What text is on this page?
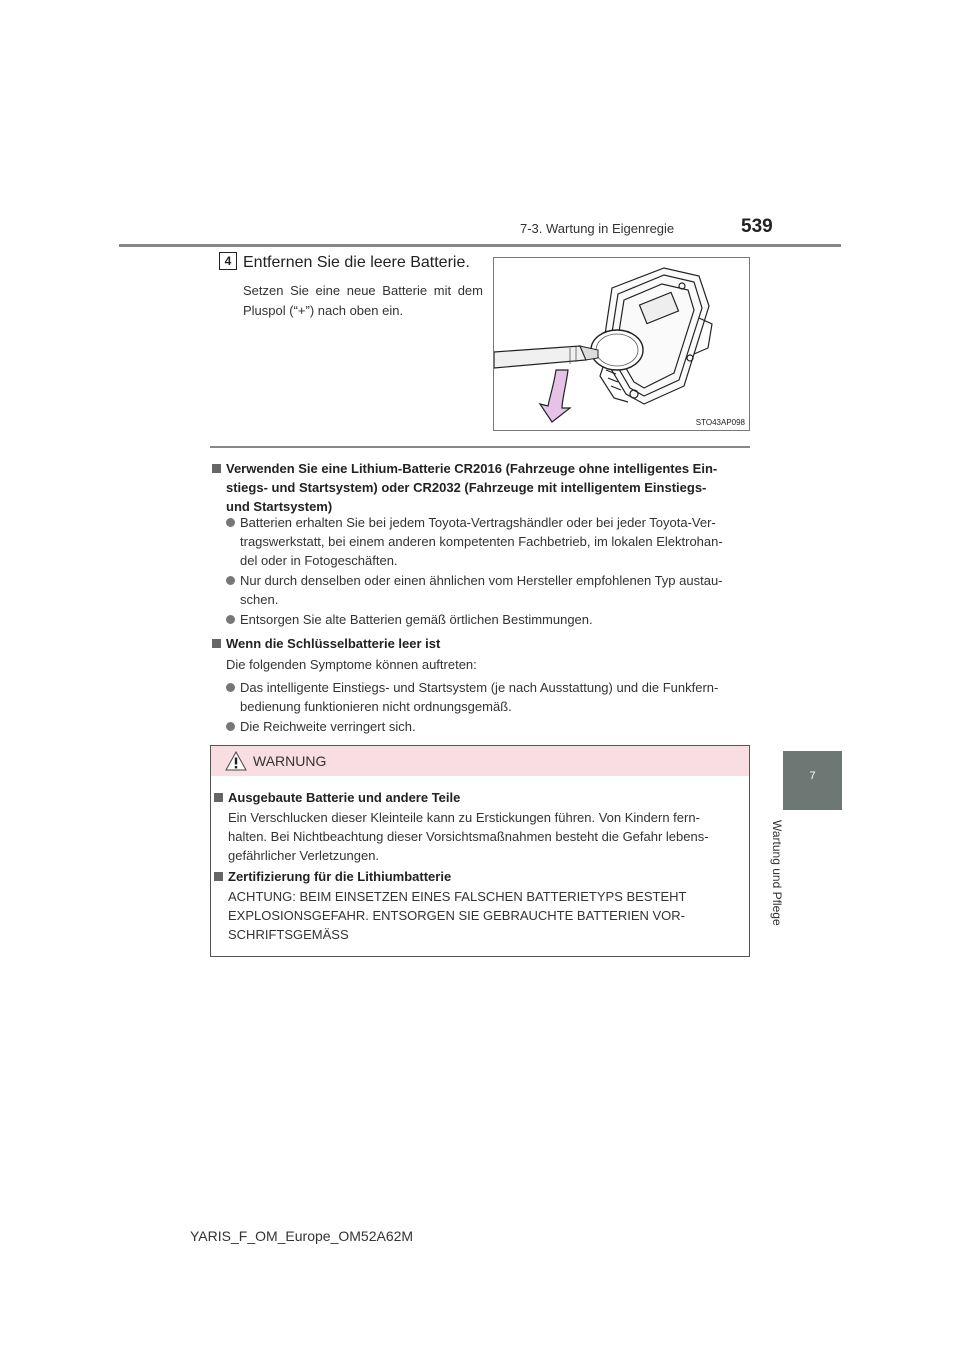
7-3. Wartung in Eigenregie	539
7
Wartung und Pflege
4 Entfernen Sie die leere Batterie.
Setzen Sie eine neue Batterie mit dem Pluspol (“+”) nach oben ein.
STO43AP098
Verwenden Sie eine Lithium-Batterie CR2016 (Fahrzeuge ohne intelligentes Ein-
stiegs- und Startsystem) oder CR2032 (Fahrzeuge mit intelligentem Einstiegs-
und Startsystem)
Batterien erhalten Sie bei jedem Toyota-Vertragshändler oder bei jeder Toyota-Ver-
tragswerkstatt, bei einem anderen kompetenten Fachbetrieb, im lokalen Elektrohan-
del oder in Fotogeschäften.
Nur durch denselben oder einen ähnlichen vom Hersteller empfohlenen Typ austau-
schen.
Entsorgen Sie alte Batterien gemäß örtlichen Bestimmungen.
Wenn die Schlüsselbatterie leer ist
Die folgenden Symptome können auftreten:
Das intelligente Einstiegs- und Startsystem (je nach Ausstattung) und die Funkfern-
bedienung funktionieren nicht ordnungsgemäß.
Die Reichweite verringert sich.
WARNUNG
Ausgebaute Batterie und andere Teile
Ein Verschlucken dieser Kleinteile kann zu Erstickungen führen. Von Kindern fern-
halten. Bei Nichtbeachtung dieser Vorsichtsmaßnahmen besteht die Gefahr lebens-
gefährlicher Verletzungen.
Zertifizierung für die Lithiumbatterie
ACHTUNG: BEIM EINSETZEN EINES FALSCHEN BATTERIETYPS BESTEHT
EXPLOSIONSGEFAHR. ENTSORGEN SIE GEBRAUCHTE BATTERIEN VOR-
SCHRIFTSGEMÄSS
YARIS_F_OM_Europe_OM52A62M
